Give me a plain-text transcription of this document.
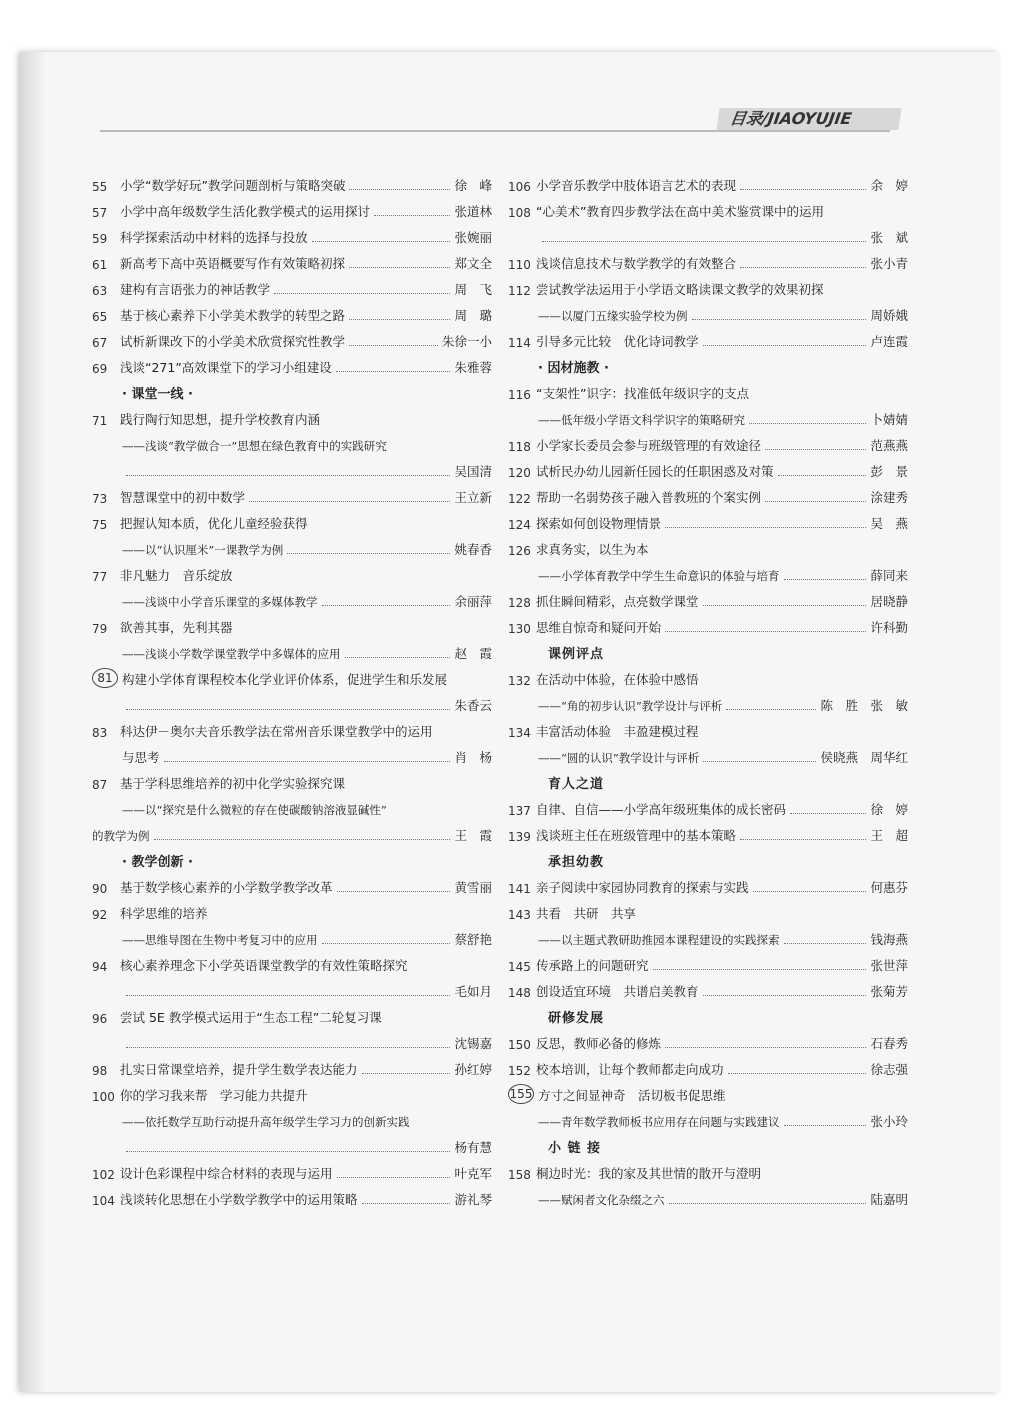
目录/JIAOYUJIE
55	小学“数学好玩”教学问题剖析与策略突破	徐　峰
57	小学中高年级数学生活化教学模式的运用探讨	张道林
59	科学探索活动中材料的选择与投放	张婉丽
61	新高考下高中英语概要写作有效策略初探	郑文全
63	建构有言语张力的神话教学	周　飞
65	基于核心素养下小学美术教学的转型之路	周　璐
67	试析新课改下的小学美术欣赏探究性教学	朱徐一小
69	浅谈“271”高效课堂下的学习小组建设	朱雅蓉
· 课堂一线 ·
71	践行陶行知思想，提升学校教育内涵
——浅谈“教学做合一”思想在绿色教育中的实践研究
吴国清
73	智慧课堂中的初中数学	王立新
75	把握认知本质，优化儿童经验获得
——以“认识厘米”一课教学为例	姚春香
77	非凡魅力　音乐绽放
——浅谈中小学音乐课堂的多媒体教学	余丽萍
79	欲善其事，先利其器
——浅谈小学数学课堂教学中多媒体的应用	赵　霞
81 构建小学体育课程校本化学业评价体系，促进学生和乐发展
朱香云
83	科达伊－奥尔夫音乐教学法在常州音乐课堂教学中的运用
与思考	肖　杨
87	基于学科思维培养的初中化学实验探究课
——以“探究是什么微粒的存在使碳酸钠溶液显碱性”
的教学为例	王　霞
· 教学创新 ·
90	基于数学核心素养的小学数学教学改革	黄雪丽
92	科学思维的培养
——思维导图在生物中考复习中的应用	蔡舒艳
94	核心素养理念下小学英语课堂教学的有效性策略探究
毛如月
96	尝试 5E 教学模式运用于“生态工程”二轮复习课
沈锡嘉
98	扎实日常课堂培养，提升学生数学表达能力	孙红婷
100 你的学习我来帮　学习能力共提升
——依托数学互助行动提升高年级学生学习力的创新实践
杨有慧
102 设计色彩课程中综合材料的表现与运用	叶克军
104 浅谈转化思想在小学数学教学中的运用策略	游礼琴
106 小学音乐教学中肢体语言艺术的表现	余　婷
108 “心美术”教育四步教学法在高中美术鉴赏课中的运用
张　斌
110 浅谈信息技术与数学教学的有效整合	张小青
112 尝试教学法运用于小学语文略读课文教学的效果初探
——以厦门五缘实验学校为例	周娇娥
114 引导多元比较　优化诗词教学	卢连霞
· 因材施教 ·
116 “支架性”识字：找准低年级识字的支点
——低年级小学语文科学识字的策略研究	卜婧婧
118 小学家长委员会参与班级管理的有效途径	范燕燕
120 试析民办幼儿园新任园长的任职困惑及对策	彭　景
122 帮助一名弱势孩子融入普教班的个案实例	涂建秀
124 探索如何创设物理情景	吴　燕
126 求真务实，以生为本
——小学体育教学中学生生命意识的体验与培育	薛同来
128 抓住瞬间精彩，点亮数学课堂	居晓静
130 思维自惊奇和疑问开始	许科勤
课例评点
132 在活动中体验，在体验中感悟
——“角的初步认识”教学设计与评析	陈　胜　张　敏
134 丰富活动体验　丰盈建模过程
——“圆的认识”教学设计与评析	侯晓燕　周华红
育人之道
137 自律、自信——小学高年级班集体的成长密码	徐　婷
139 浅谈班主任在班级管理中的基本策略	王　超
承担幼教
141 亲子阅读中家园协同教育的探索与实践	何惠芬
143 共看　共研　共享
——以主题式教研助推园本课程建设的实践探索	钱海燕
145 传承路上的问题研究	张世萍
148 创设适宜环境　共谱启美教育	张菊芳
研修发展
150 反思，教师必备的修炼	石春秀
152 校本培训，让每个教师都走向成功	徐志强
155 方寸之间显神奇　活切板书促思维
——青年数学教师板书应用存在问题与实践建议	张小玲
小 链 接
158 桐边时光：我的家及其世情的散开与澄明
——赋闲者文化杂缀之六	陆嘉明
